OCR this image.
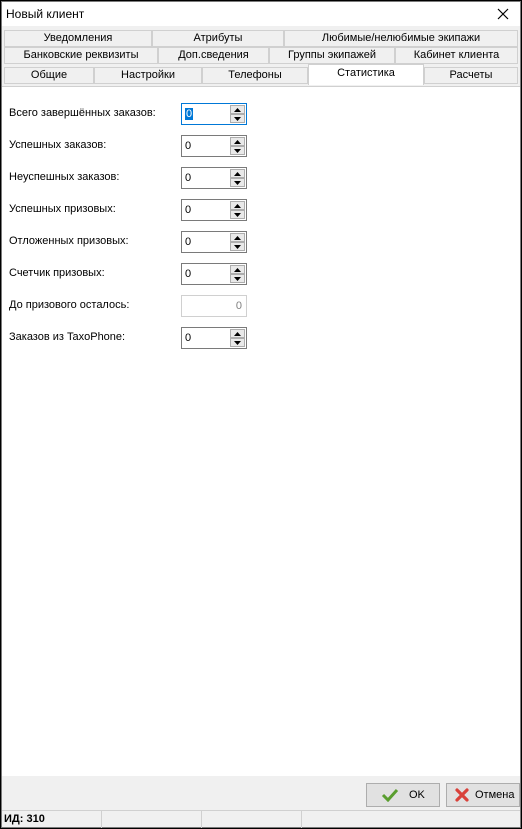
Новый клиент
Уведомления	Атрибуты	Любимые/нелюбимые экипажи
Банковские реквизиты	Доп.сведения	Группы экипажей	Кабинет клиента
Общие	Настройки	Телефоны	Статистика	Расчеты
Всего завершённых заказов:	0
Успешных заказов:	0
Неуспешных заказов:	0
Успешных призовых:	0
Отложенных призовых:	0
Счетчик призовых:	0
До призового осталось:	0
Заказов из TaxoPhone:	0
OK	Отмена
ИД: 310
